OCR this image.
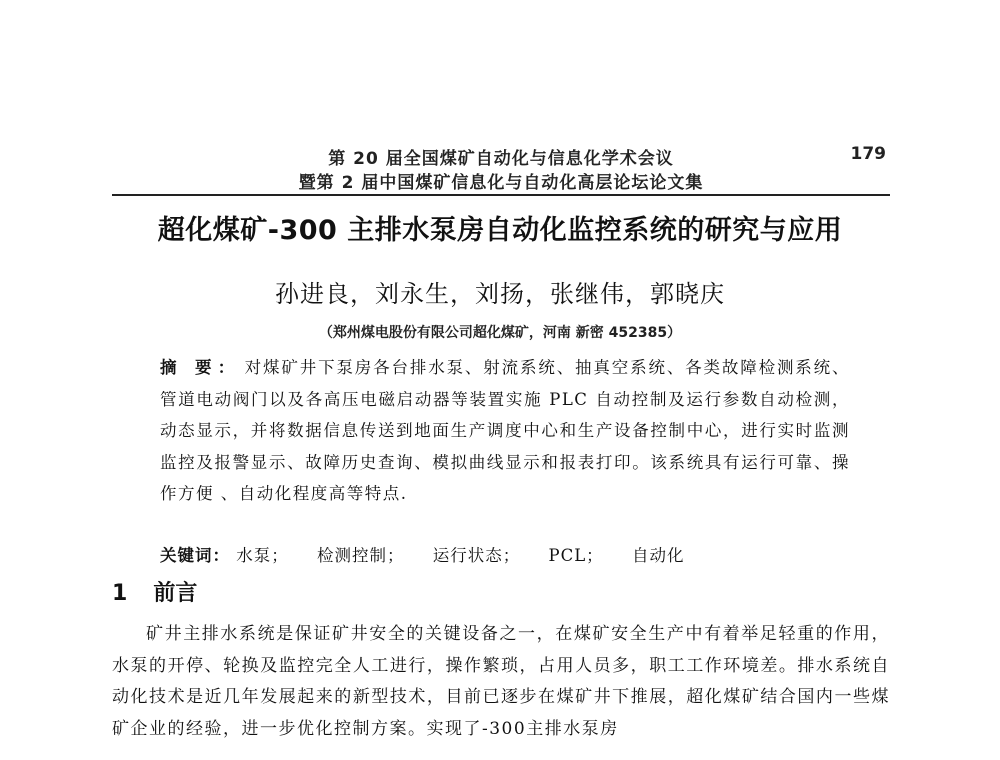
第 20 届全国煤矿自动化与信息化学术会议
暨第 2 届中国煤矿信息化与自动化高层论坛论文集
179
超化煤矿-300 主排水泵房自动化监控系统的研究与应用
孙进良，刘永生，刘扬，张继伟，郭晓庆
（郑州煤电股份有限公司超化煤矿，河南 新密 452385）
摘 要： 对煤矿井下泵房各台排水泵、射流系统、抽真空系统、各类故障检测系统、管道电动阀门以及各高压电磁启动器等装置实施 PLC 自动控制及运行参数自动检测，动态显示，并将数据信息传送到地面生产调度中心和生产设备控制中心，进行实时监测监控及报警显示、故障历史查询、模拟曲线显示和报表打印。该系统具有运行可靠、操作方便 、自动化程度高等特点.
关键词： 水泵； 检测控制； 运行状态； PCL； 自动化
1 前言
矿井主排水系统是保证矿井安全的关键设备之一，在煤矿安全生产中有着举足轻重的作用，水泵的开停、轮换及监控完全人工进行，操作繁琐，占用人员多，职工工作环境差。排水系统自动化技术是近几年发展起来的新型技术，目前已逐步在煤矿井下推展，超化煤矿结合国内一些煤矿企业的经验，进一步优化控制方案。实现了-300主排水泵房
